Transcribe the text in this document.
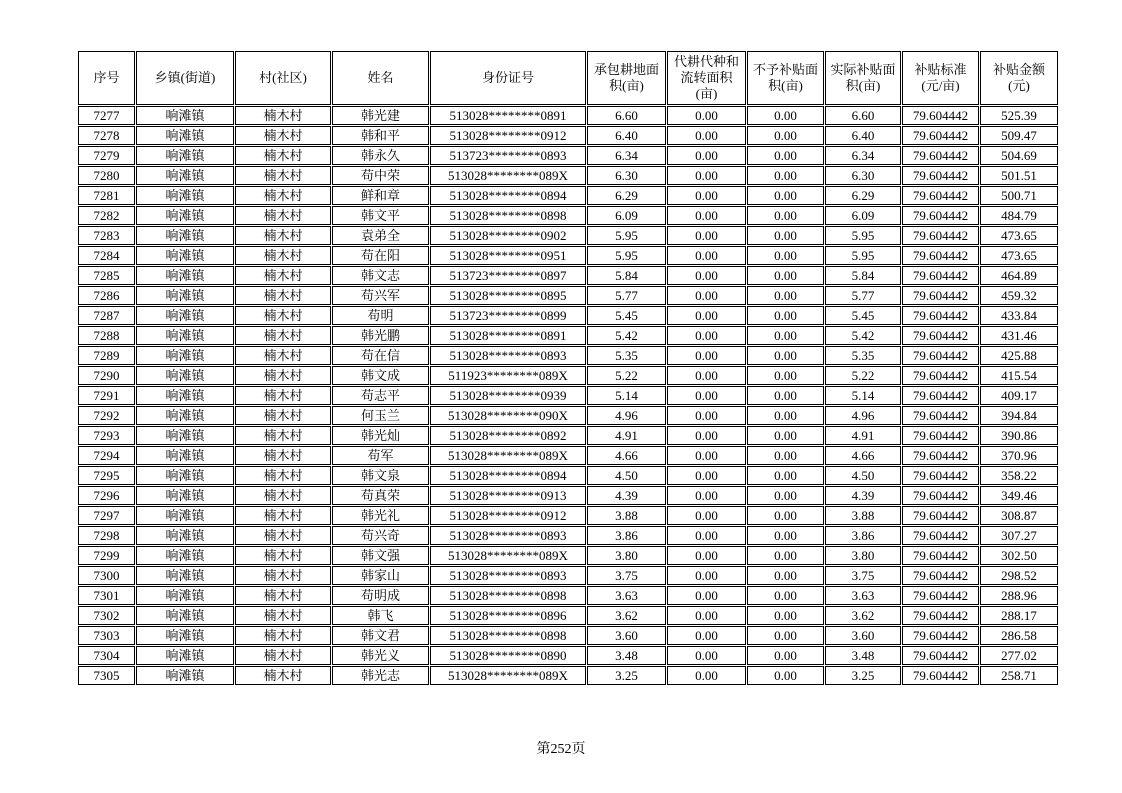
序号	乡镇(街道)	村(社区)	姓名	身份证号	承包耕地面积(亩)	代耕代种和流转面积(亩)	不予补贴面积(亩)	实际补贴面积(亩)	补贴标准(元/亩)	补贴金额(元)
7277	响滩镇	楠木村	韩光建	513028********0891	6.60	0.00	0.00	6.60	79.604442	525.39
7278	响滩镇	楠木村	韩和平	513028********0912	6.40	0.00	0.00	6.40	79.604442	509.47
7279	响滩镇	楠木村	韩永久	513723********0893	6.34	0.00	0.00	6.34	79.604442	504.69
7280	响滩镇	楠木村	苟中荣	513028********089X	6.30	0.00	0.00	6.30	79.604442	501.51
7281	响滩镇	楠木村	鲜和章	513028********0894	6.29	0.00	0.00	6.29	79.604442	500.71
7282	响滩镇	楠木村	韩文平	513028********0898	6.09	0.00	0.00	6.09	79.604442	484.79
7283	响滩镇	楠木村	袁弟全	513028********0902	5.95	0.00	0.00	5.95	79.604442	473.65
7284	响滩镇	楠木村	苟在阳	513028********0951	5.95	0.00	0.00	5.95	79.604442	473.65
7285	响滩镇	楠木村	韩文志	513723********0897	5.84	0.00	0.00	5.84	79.604442	464.89
7286	响滩镇	楠木村	苟兴军	513028********0895	5.77	0.00	0.00	5.77	79.604442	459.32
7287	响滩镇	楠木村	苟明	513723********0899	5.45	0.00	0.00	5.45	79.604442	433.84
7288	响滩镇	楠木村	韩光鹏	513028********0891	5.42	0.00	0.00	5.42	79.604442	431.46
7289	响滩镇	楠木村	苟在信	513028********0893	5.35	0.00	0.00	5.35	79.604442	425.88
7290	响滩镇	楠木村	韩文成	511923********089X	5.22	0.00	0.00	5.22	79.604442	415.54
7291	响滩镇	楠木村	苟志平	513028********0939	5.14	0.00	0.00	5.14	79.604442	409.17
7292	响滩镇	楠木村	何玉兰	513028********090X	4.96	0.00	0.00	4.96	79.604442	394.84
7293	响滩镇	楠木村	韩光灿	513028********0892	4.91	0.00	0.00	4.91	79.604442	390.86
7294	响滩镇	楠木村	苟军	513028********089X	4.66	0.00	0.00	4.66	79.604442	370.96
7295	响滩镇	楠木村	韩文泉	513028********0894	4.50	0.00	0.00	4.50	79.604442	358.22
7296	响滩镇	楠木村	苟真荣	513028********0913	4.39	0.00	0.00	4.39	79.604442	349.46
7297	响滩镇	楠木村	韩光礼	513028********0912	3.88	0.00	0.00	3.88	79.604442	308.87
7298	响滩镇	楠木村	苟兴奇	513028********0893	3.86	0.00	0.00	3.86	79.604442	307.27
7299	响滩镇	楠木村	韩文强	513028********089X	3.80	0.00	0.00	3.80	79.604442	302.50
7300	响滩镇	楠木村	韩家山	513028********0893	3.75	0.00	0.00	3.75	79.604442	298.52
7301	响滩镇	楠木村	苟明成	513028********0898	3.63	0.00	0.00	3.63	79.604442	288.96
7302	响滩镇	楠木村	韩飞	513028********0896	3.62	0.00	0.00	3.62	79.604442	288.17
7303	响滩镇	楠木村	韩文君	513028********0898	3.60	0.00	0.00	3.60	79.604442	286.58
7304	响滩镇	楠木村	韩光义	513028********0890	3.48	0.00	0.00	3.48	79.604442	277.02
7305	响滩镇	楠木村	韩光志	513028********089X	3.25	0.00	0.00	3.25	79.604442	258.71
第252页
